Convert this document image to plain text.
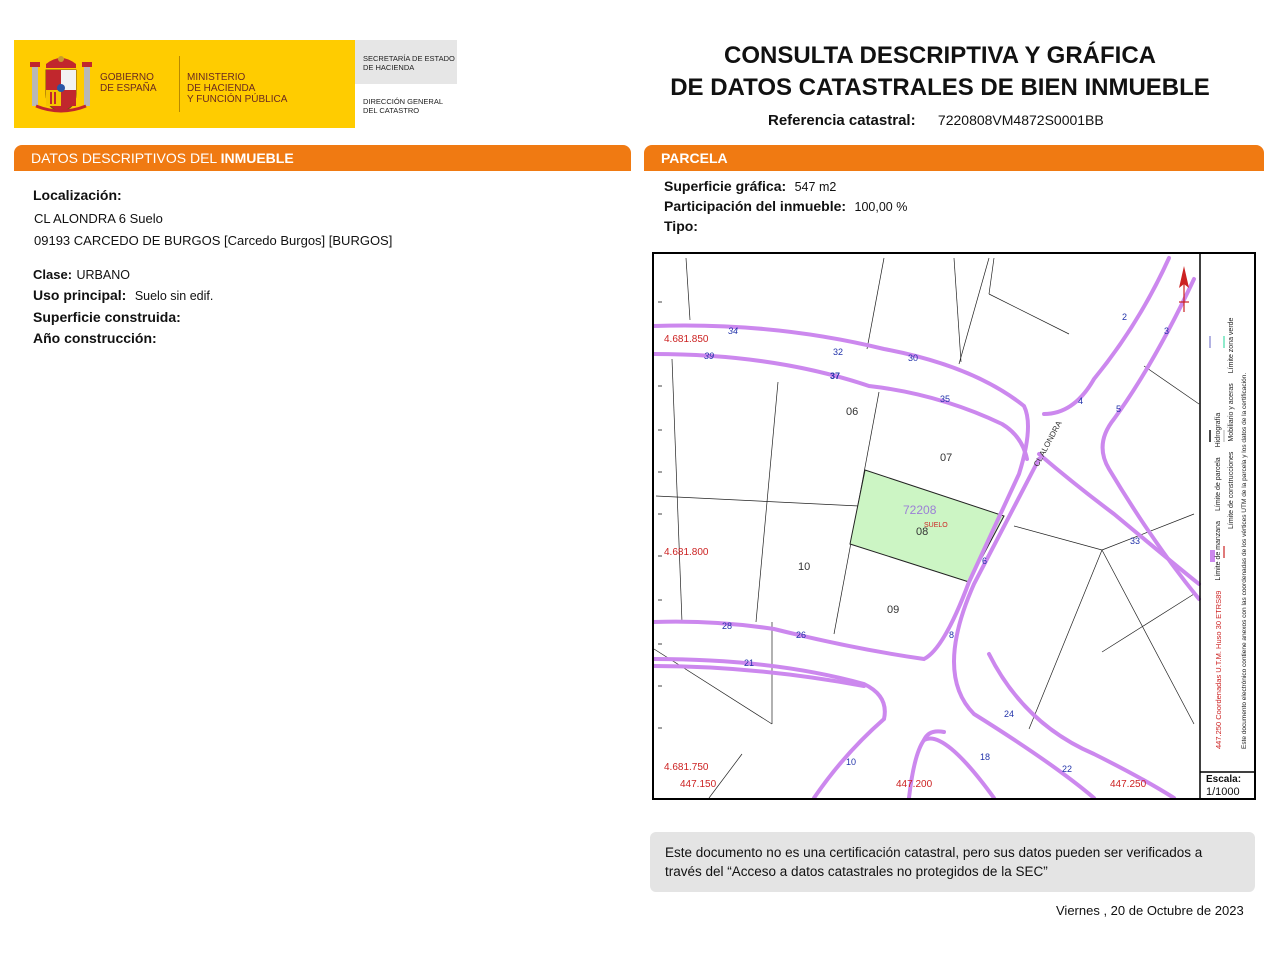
GOBIERNO
DE ESPAÑA
MINISTERIO
DE HACIENDA
Y FUNCIÓN PÚBLICA
SECRETARÍA DE ESTADO
DE HACIENDA
DIRECCIÓN GENERAL
DEL CATASTRO
CONSULTA DESCRIPTIVA Y GRÁFICA
DE DATOS CATASTRALES DE BIEN INMUEBLE
Referencia catastral: 7220808VM4872S0001BB
DATOS DESCRIPTIVOS DEL INMUEBLE
Localización:
CL ALONDRA 6 Suelo
09193 CARCEDO DE BURGOS [Carcedo Burgos] [BURGOS]
Clase: URBANO
Uso principal: Suelo sin edif.
Superficie construida:
Año construcción:
PARCELA
Superficie gráfica: 547 m2
Participación del inmueble: 100,00 %
Tipo:
4.681.850
4.681.800
4.681.750
447.150	447.200	447.250
06
07
08
09
10
72208
SUELO
CL ALONDRA
34
39	32
37
30
35
2
3
4
5
6
8
33
28
26
21
10	18
24
22
447.250 Coordenadas U.T.M. Huso 30 ETRS89
Límite de manzana
Límite de parcela
Hidrografía
Límite de construcciones
Mobiliario y aceras
Límite zona verde
Este documento electrónico contiene anexos con las coordenadas de los vértices UTM de la parcela y los datos de la certificación.
Escala:
1/1000
Este documento no es una certificación catastral, pero sus datos pueden ser verificados a
través del “Acceso a datos catastrales no protegidos de la SEC”
Viernes , 20 de Octubre de 2023
